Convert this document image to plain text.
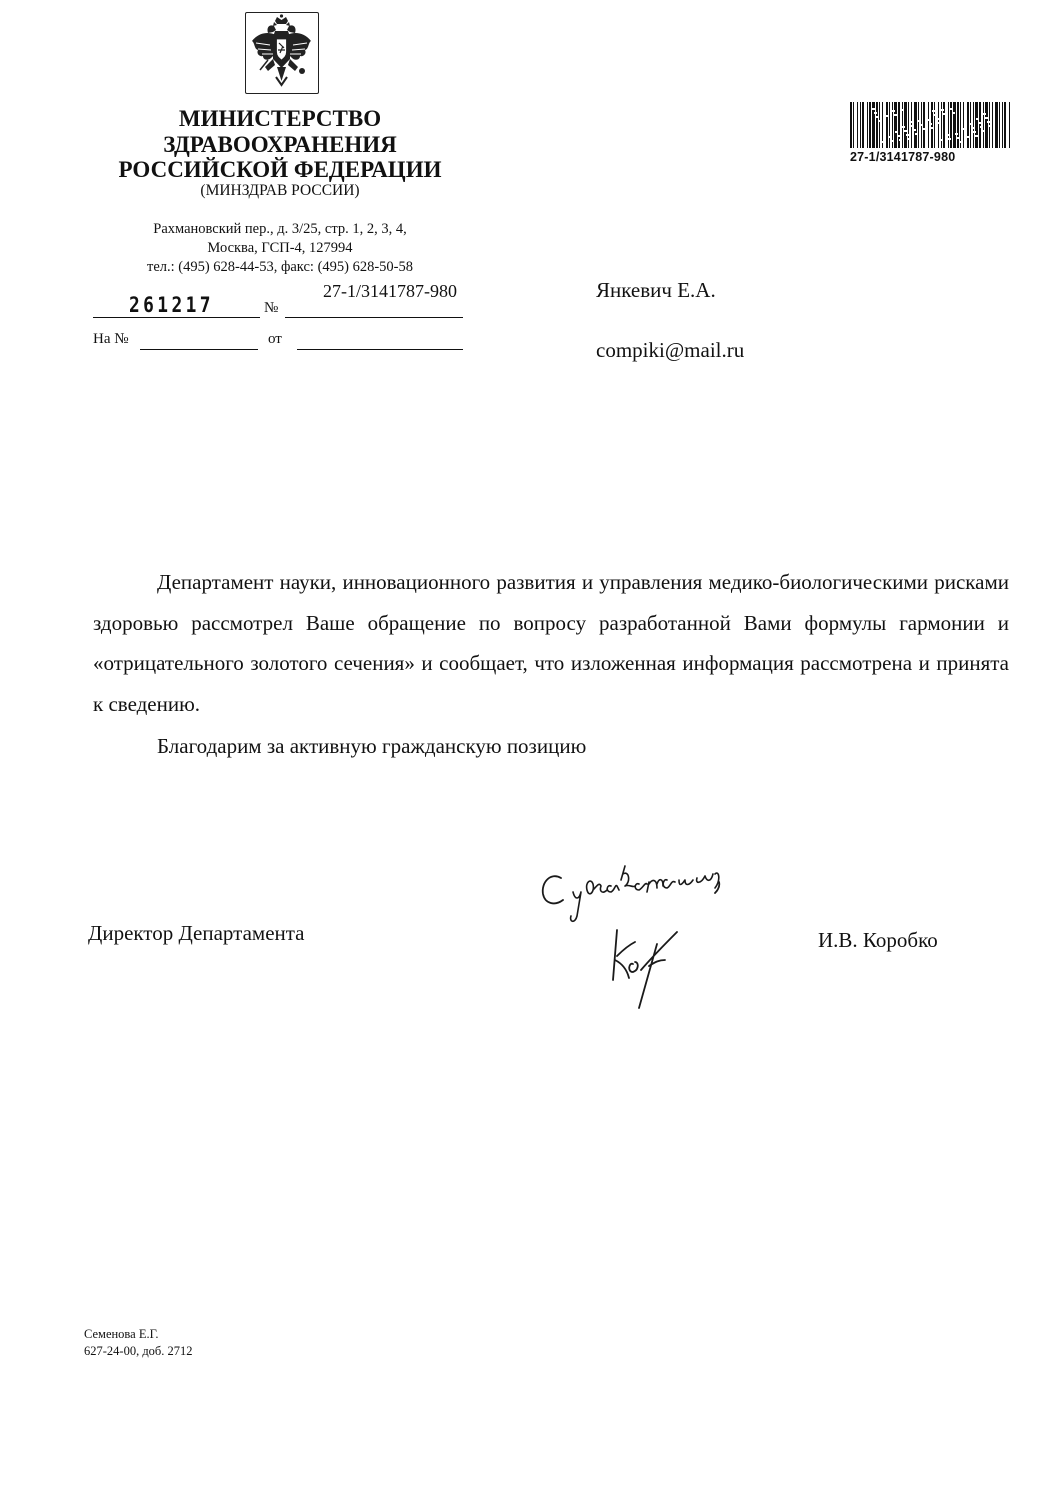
МИНИСТЕРСТВО
ЗДРАВООХРАНЕНИЯ
РОССИЙСКОЙ ФЕДЕРАЦИИ
(МИНЗДРАВ РОССИИ)
Рахмановский пер., д. 3/25, стр. 1, 2, 3, 4,
Москва, ГСП-4, 127994
тел.: (495) 628-44-53, факс: (495) 628-50-58
261217	№
27-1/3141787-980
На №	от
27-1/3141787-980
Янкевич Е.А.
compiki@mail.ru

Департамент науки, инновационного развития и управления медико-биологическими рисками здоровью рассмотрел Ваше обращение по вопросу разработанной Вами формулы гармонии и «отрицательного золотого сечения» и сообщает, что изложенная информация рассмотрена и принята к сведению.

Благодарим за активную гражданскую позицию
Директор Департамента	И.В. Коробко
Семенова Е.Г.
627-24-00, доб. 2712
